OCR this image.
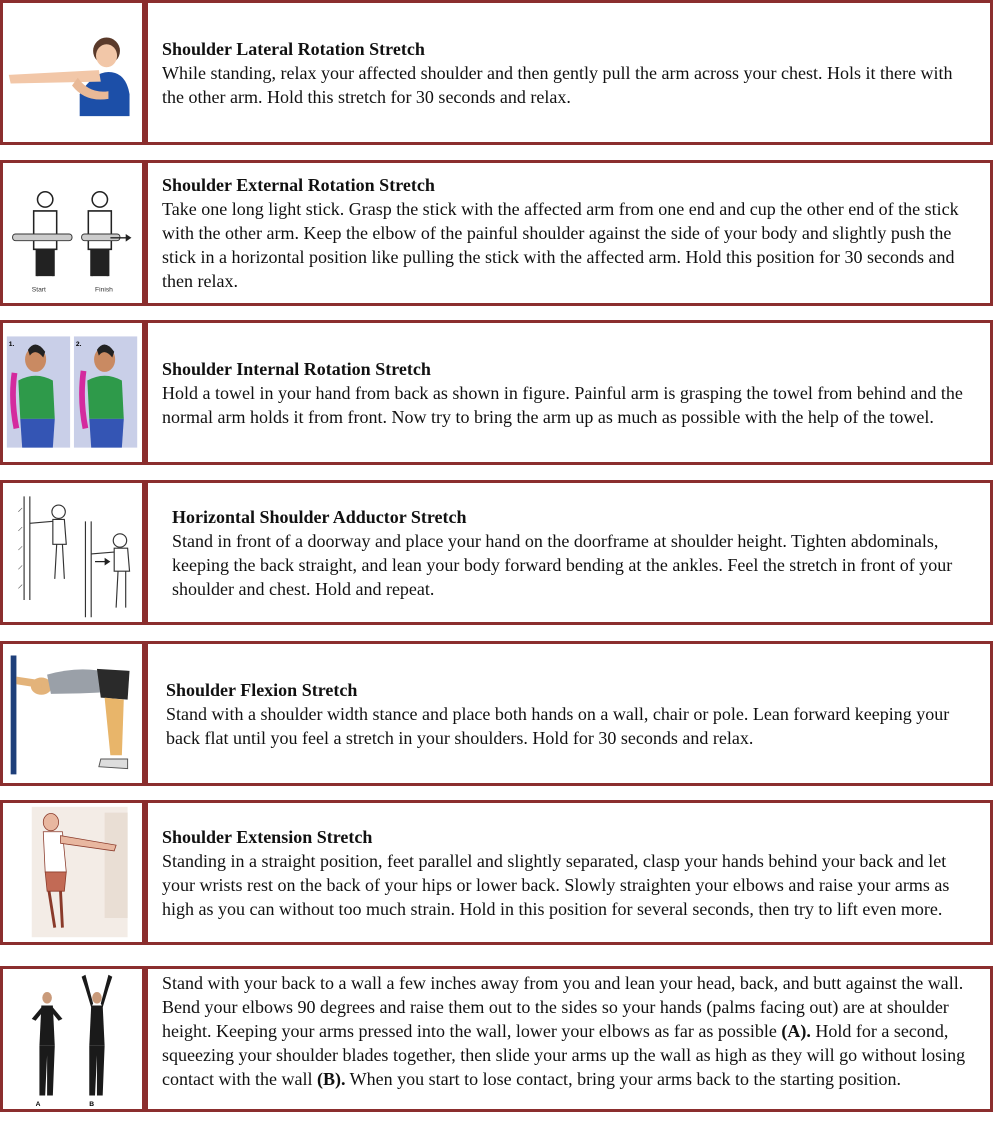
Shoulder Lateral Rotation Stretch
While standing, relax your affected shoulder and then gently pull the arm across your chest. Hols it there with the other arm. Hold this stretch for 30 seconds and relax.
Start	Finish
Shoulder External Rotation Stretch
Take one long light stick. Grasp the stick with the affected arm from one end and cup the other end of the stick with the other arm. Keep the elbow of the painful shoulder against the side of your body and slightly push the stick in a horizontal position like pulling the stick with the affected arm. Hold this position for 30 seconds and then relax.
1.	2.
Shoulder Internal Rotation Stretch
Hold a towel in your hand from back as shown in figure. Painful arm is grasping the towel from behind and the normal arm holds it from front. Now try to bring the arm up as much as possible with the help of the towel.
Horizontal Shoulder Adductor Stretch
Stand in front of a doorway and place your hand on the doorframe at shoulder height. Tighten abdominals, keeping the back straight, and lean your body forward bending at the ankles. Feel the stretch in front of your shoulder and chest. Hold and repeat.
Shoulder Flexion Stretch
Stand with a shoulder width stance and place both hands on a wall, chair or pole. Lean forward keeping your back flat until you feel a stretch in your shoulders. Hold for 30 seconds and relax.
Shoulder Extension Stretch
Standing in a straight position, feet parallel and slightly separated, clasp your hands behind your back and let your wrists rest on the back of your hips or lower back. Slowly straighten your elbows and raise your arms as high as you can without too much strain. Hold in this position for several seconds, then try to lift even more.
A	B
Stand with your back to a wall a few inches away from you and lean your head, back, and butt against the wall. Bend your elbows 90 degrees and raise them out to the sides so your hands (palms facing out) are at shoulder height. Keeping your arms pressed into the wall, lower your elbows as far as possible (A). Hold for a second, squeezing your shoulder blades together, then slide your arms up the wall as high as they will go without losing contact with the wall (B). When you start to lose contact, bring your arms back to the starting position.
